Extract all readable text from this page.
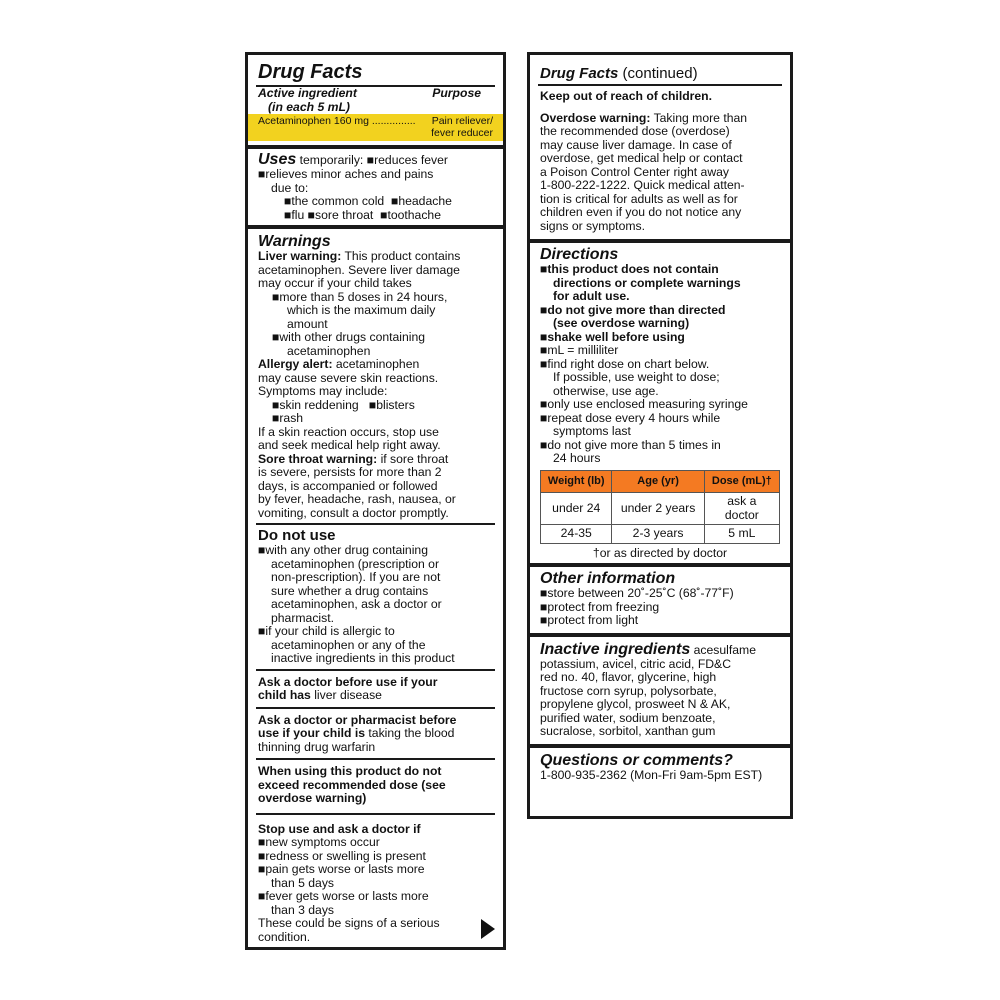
Drug Facts
Active ingredient	Purpose
(in each 5 mL)
Acetaminophen 160 mg ............... Pain reliever/
fever reducer
Uses temporarily: ■ reduces fever
■ relieves minor aches and pains
due to:
■ the common cold ■ headache
■ flu ■ sore throat ■ toothache
Warnings
Liver warning: This product contains
acetaminophen. Severe liver damage
may occur if your child takes
■ more than 5 doses in 24 hours,
which is the maximum daily
amount
■ with other drugs containing
acetaminophen
Allergy alert: acetaminophen
may cause severe skin reactions.
Symptoms may include:
■ skin reddening ■ blisters
■ rash
If a skin reaction occurs, stop use
and seek medical help right away.
Sore throat warning: if sore throat
is severe, persists for more than 2
days, is accompanied or followed
by fever, headache, rash, nausea, or
vomiting, consult a doctor promptly.
Do not use
■ with any other drug containing
acetaminophen (prescription or
non-prescription). If you are not
sure whether a drug contains
acetaminophen, ask a doctor or
pharmacist.
■ if your child is allergic to
acetaminophen or any of the
inactive ingredients in this product
Ask a doctor before use if your
child has liver disease
Ask a doctor or pharmacist before
use if your child is taking the blood
thinning drug warfarin
When using this product do not
exceed recommended dose (see
overdose warning)
Stop use and ask a doctor if
■ new symptoms occur
■ redness or swelling is present
■ pain gets worse or lasts more
than 5 days
■ fever gets worse or lasts more
than 3 days
These could be signs of a serious
condition.
Drug Facts (continued)
Keep out of reach of children.
Overdose warning: Taking more than
the recommended dose (overdose)
may cause liver damage. In case of
overdose, get medical help or contact
a Poison Control Center right away
1-800-222-1222. Quick medical atten-
tion is critical for adults as well as for
children even if you do not notice any
signs or symptoms.
Directions
■ this product does not contain
directions or complete warnings
for adult use.
■ do not give more than directed
(see overdose warning)
■ shake well before using
■ mL = milliliter
■ find right dose on chart below.
If possible, use weight to dose;
otherwise, use age.
■ only use enclosed measuring syringe
■ repeat dose every 4 hours while
symptoms last
■ do not give more than 5 times in
24 hours
Weight (lb)	Age (yr)	Dose (mL)†
under 24	under 2 years	ask a
doctor

24-35	2-3 years	5 mL
†or as directed by doctor
Other information
■ store between 20˚-25˚C (68˚-77˚F)
■ protect from freezing
■ protect from light
Inactive ingredients acesulfame
potassium, avicel, citric acid, FD&C
red no. 40, flavor, glycerine, high
fructose corn syrup, polysorbate,
propylene glycol, prosweet N & AK,
purified water, sodium benzoate,
sucralose, sorbitol, xanthan gum
Questions or comments?
1-800-935-2362 (Mon-Fri 9am-5pm EST)
